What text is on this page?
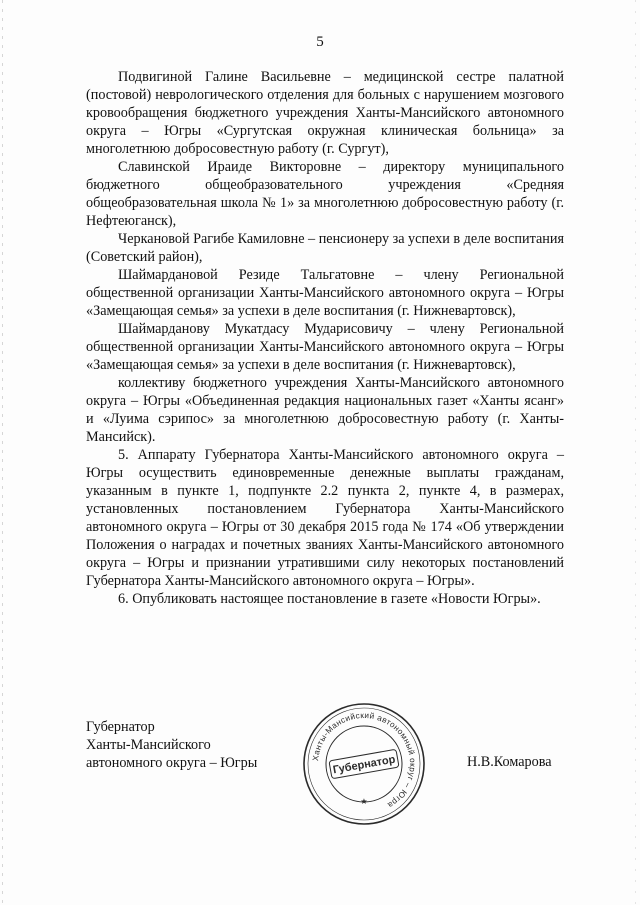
5

Подвигиной Галине Васильевне – медицинской сестре палатной (постовой) неврологического отделения для больных с нарушением мозгового кровообращения бюджетного учреждения Ханты-Мансийского автономного округа – Югры «Сургутская окружная клиническая больница» за многолетнюю добросовестную работу (г. Сургут),

Славинской Ираиде Викторовне – директору муниципального бюджетного общеобразовательного учреждения «Средняя общеобразовательная школа № 1» за многолетнюю добросовестную работу (г. Нефтеюганск),

Черкановой Рагибе Камиловне – пенсионеру за успехи в деле воспитания (Советский район),

Шаймардановой Резиде Тальгатовне – члену Региональной общественной организации Ханты-Мансийского автономного округа – Югры «Замещающая семья» за успехи в деле воспитания (г. Нижневартовск),

Шаймарданову Мукатдасу Мударисовичу – члену Региональной общественной организации Ханты-Мансийского автономного округа – Югры «Замещающая семья» за успехи в деле воспитания (г. Нижневартовск),

коллективу бюджетного учреждения Ханты-Мансийского автономного округа – Югры «Объединенная редакция национальных газет «Ханты ясанг» и «Луима сэрипос» за многолетнюю добросовестную работу (г. Ханты-Мансийск).

5. Аппарату Губернатора Ханты-Мансийского автономного округа – Югры осуществить единовременные денежные выплаты гражданам, указанным в пункте 1, подпункте 2.2 пункта 2, пункте 4, в размерах, установленных постановлением Губернатора Ханты-Мансийского автономного округа – Югры от 30 декабря 2015 года № 174 «Об утверждении Положения о наградах и почетных званиях Ханты-Мансийского автономного округа – Югры и признании утратившими силу некоторых постановлений Губернатора Ханты-Мансийского автономного округа – Югры».

6. Опубликовать настоящее постановление в газете «Новости Югры».

Губернатор
Ханты-Мансийского
автономного округа – Югры	Ханты-Мансийский автономный округ – Югра
★
Губернатор	Н.В.Комарова
